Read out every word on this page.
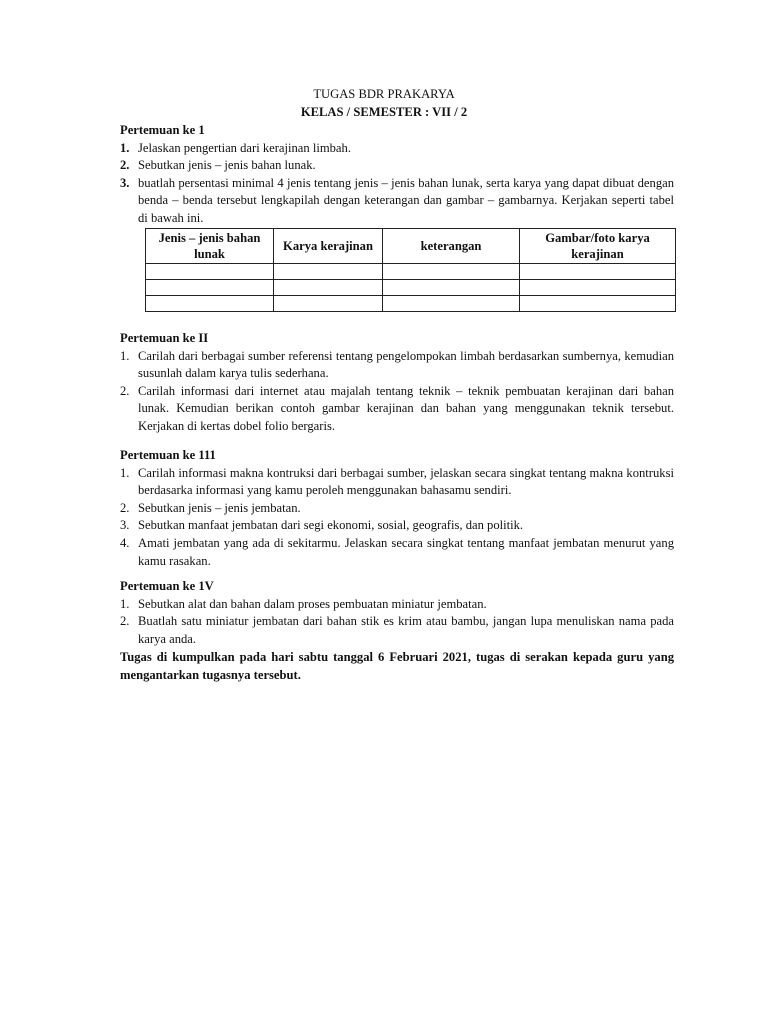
TUGAS BDR PRAKARYA
KELAS / SEMESTER : VII / 2
Pertemuan ke 1
1. Jelaskan pengertian dari kerajinan limbah.
2. Sebutkan jenis – jenis bahan lunak.
3. buatlah persentasi minimal 4 jenis tentang jenis – jenis bahan lunak, serta karya yang dapat dibuat dengan benda – benda tersebut lengkapilah dengan keterangan dan gambar – gambarnya. Kerjakan seperti tabel di bawah ini.
Jenis – jenis bahan lunak	Karya kerajinan	keterangan	Gambar/foto karya kerajinan

Pertemuan ke II
1. Carilah dari berbagai sumber referensi tentang pengelompokan limbah berdasarkan sumbernya, kemudian susunlah dalam karya tulis sederhana.
2. Carilah informasi dari internet atau majalah tentang teknik – teknik pembuatan kerajinan dari bahan lunak. Kemudian berikan contoh gambar kerajinan dan bahan yang menggunakan teknik tersebut. Kerjakan di kertas dobel folio bergaris.
Pertemuan ke 111
1. Carilah informasi makna kontruksi dari berbagai sumber, jelaskan secara singkat tentang makna kontruksi berdasarka informasi yang kamu peroleh menggunakan bahasamu sendiri.
2. Sebutkan jenis – jenis jembatan.
3. Sebutkan manfaat jembatan dari segi ekonomi, sosial, geografis, dan politik.
4. Amati jembatan yang ada di sekitarmu. Jelaskan secara singkat tentang manfaat jembatan menurut yang kamu rasakan.
Pertemuan ke 1V
1. Sebutkan alat dan bahan dalam proses pembuatan miniatur jembatan.
2. Buatlah satu miniatur jembatan dari bahan stik es krim atau bambu, jangan lupa menuliskan nama pada karya anda.
Tugas di kumpulkan pada hari sabtu tanggal 6 Februari 2021, tugas di serakan kepada guru yang mengantarkan tugasnya tersebut.
